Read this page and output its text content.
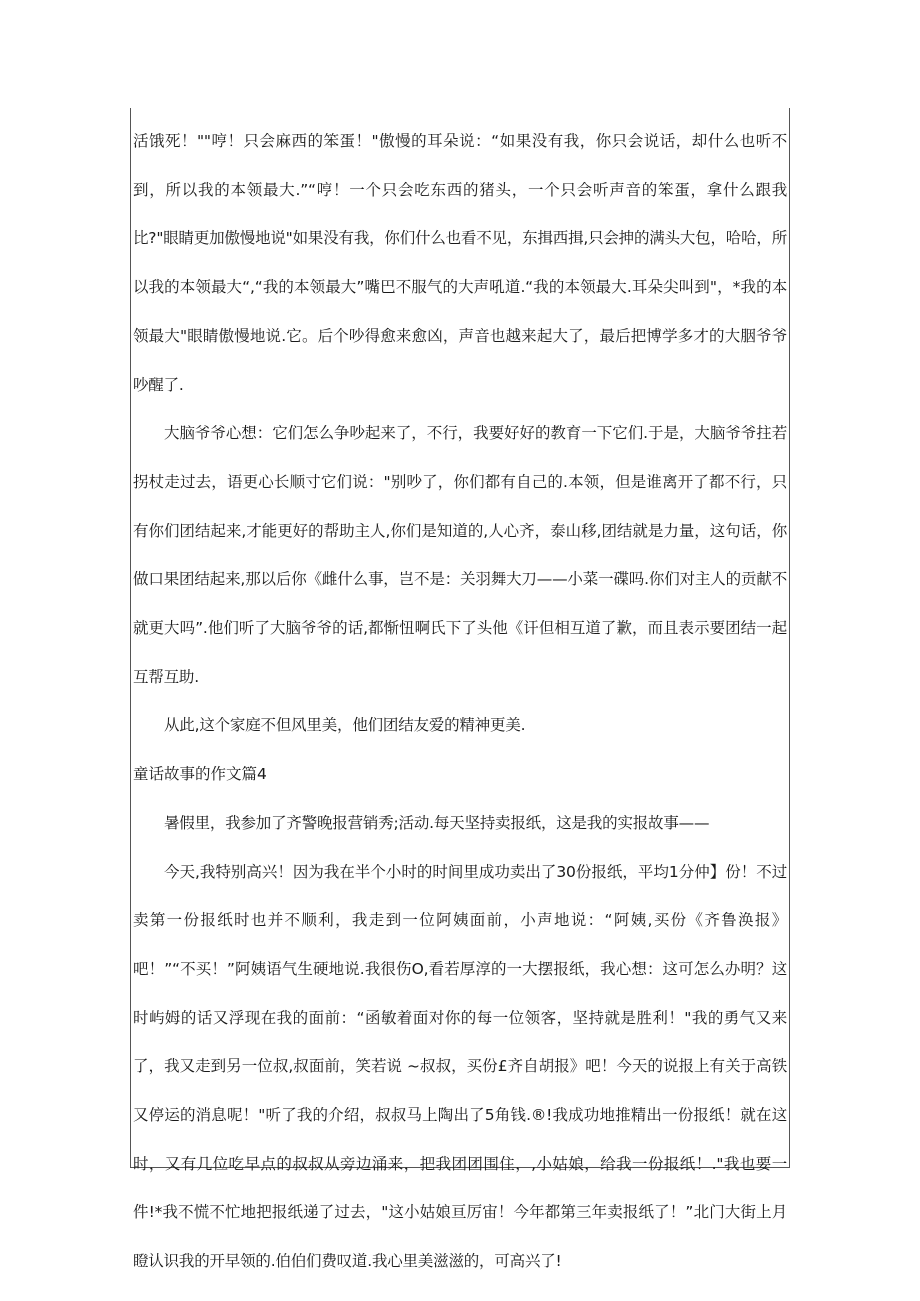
活饿死！""哼！只会麻西的笨蛋！"傲慢的耳朵说：“如果没有我，你只会说话，却什么也听不到，所以我的本领最大.”“哼！一个只会吃东西的猪头，一个只会听声音的笨蛋，拿什么跟我比?"眼睛更加傲慢地说"如果没有我，你们什么也看不见，东揖西揖,只会抻的满头大包，哈哈，所以我的本领最大“,“我的本领最大”嘴巴不服气的大声吼道.“我的本领最大.耳朵尖叫到"，*我的本领最大"眼睛傲慢地说.它。后个吵得愈来愈凶，声音也越来起大了，最后把博学多才的大胭爷爷吵醒了.

大脑爷爷心想：它们怎么争吵起来了，不行，我要好好的教育一下它们.于是，大脑爷爷拄若拐杖走过去，语更心长顺寸它们说："别吵了，你们都有自己的.本领，但是谁离开了都不行，只有你们团结起来,才能更好的帮助主人,你们是知道的,人心齐，泰山移,团结就是力量，这句话，你做口果团结起来,那以后你《雌什么事，岂不是：关羽舞大刀——小菜一碟吗.你们对主人的贡献不就更大吗”.他们听了大脑爷爷的话,都惭忸啊氏下了头他《讦但相互道了歉，而且表示要团结一起互帮互助.

从此,这个家庭不但风里美，他们团结友爱的精神更美.

童话故事的作文篇4

暑假里，我参加了齐警晚报营销秀;活动.每天坚持卖报纸，这是我的实报故事——

今天,我特别高兴！因为我在半个小时的时间里成功卖出了30份报纸，平均1分仲】份！不过卖第一份报纸时也并不顺利，我走到一位阿姨面前，小声地说：“阿姨,买份《齐鲁涣报》吧！”“不买！”阿姨语气生硬地说.我很伤O,看若厚淳的一大摆报纸，我心想：这可怎么办明？这时屿姆的话又浮现在我的面前：“函敏着面对你的每一位领客，坚持就是胜利！"我的勇气又来了，我又走到另一位叔,叔面前，笑若说 ~叔叔，买份£齐自胡报》吧！今天的说报上有关于高铁又停运的消息呢！"听了我的介绍，叔叔马上陶出了5角钱.®!我成功地推精出一份报纸！就在这时，又有几位吃早点的叔叔从旁边涌来，把我团团围住，,小姑娘，给我一份报纸！."我也要一件!*我不慌不忙地把报纸递了过去，"这小姑娘亘厉宙！今年都第三年卖报纸了！”北门大街上月瞪认识我的开早领的.伯伯们费叹道.我心里美滋滋的，可高兴了!
